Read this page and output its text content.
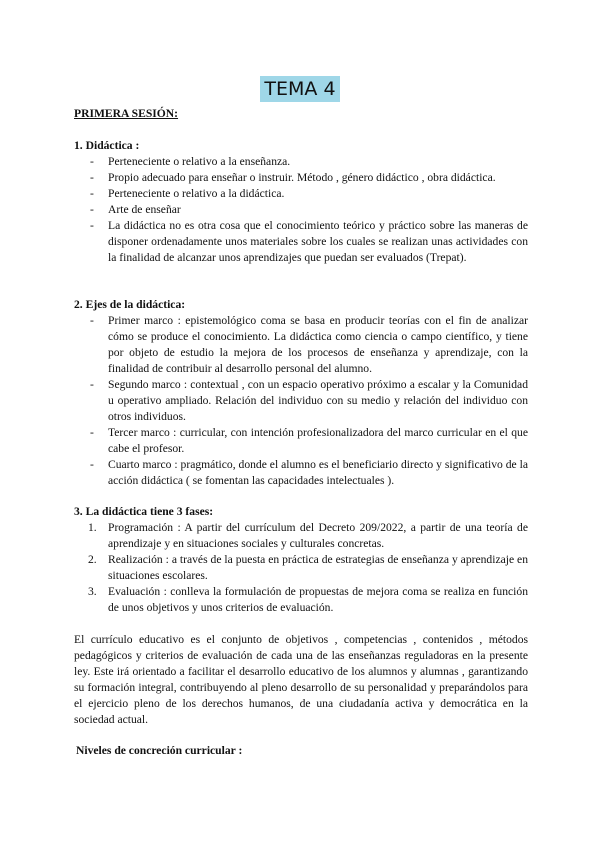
TEMA 4
PRIMERA SESIÓN:
1. Didáctica :
- Perteneciente o relativo a la enseñanza.
- Propio adecuado para enseñar o instruir. Método , género didáctico , obra didáctica.
- Perteneciente o relativo a la didáctica.
- Arte de enseñar
- La didáctica no es otra cosa que el conocimiento teórico y práctico sobre las maneras de disponer ordenadamente unos materiales sobre los cuales se realizan unas actividades con la finalidad de alcanzar unos aprendizajes que puedan ser evaluados (Trepat).
2. Ejes de la didáctica:
- Primer marco : epistemológico coma se basa en producir teorías con el fin de analizar cómo se produce el conocimiento. La didáctica como ciencia o campo científico, y tiene por objeto de estudio la mejora de los procesos de enseñanza y aprendizaje, con la finalidad de contribuir al desarrollo personal del alumno.
- Segundo marco : contextual , con un espacio operativo próximo a escalar y la Comunidad u operativo ampliado. Relación del individuo con su medio y relación del individuo con otros individuos.
- Tercer marco : curricular, con intención profesionalizadora del marco curricular en el que cabe el profesor.
- Cuarto marco : pragmático, donde el alumno es el beneficiario directo y significativo de la acción didáctica ( se fomentan las capacidades intelectuales ).
3. La didáctica tiene 3 fases:
1. Programación : A partir del currículum del Decreto 209/2022, a partir de una teoría de aprendizaje y en situaciones sociales y culturales concretas.
2. Realización : a través de la puesta en práctica de estrategias de enseñanza y aprendizaje en situaciones escolares.
3. Evaluación : conlleva la formulación de propuestas de mejora coma se realiza en función de unos objetivos y unos criterios de evaluación.
El currículo educativo es el conjunto de objetivos , competencias , contenidos , métodos pedagógicos y criterios de evaluación de cada una de las enseñanzas reguladoras en la presente ley. Este irá orientado a facilitar el desarrollo educativo de los alumnos y alumnas , garantizando su formación integral, contribuyendo al pleno desarrollo de su personalidad y preparándolos para el ejercicio pleno de los derechos humanos, de una ciudadanía activa y democrática en la sociedad actual.
Niveles de concreción curricular :
